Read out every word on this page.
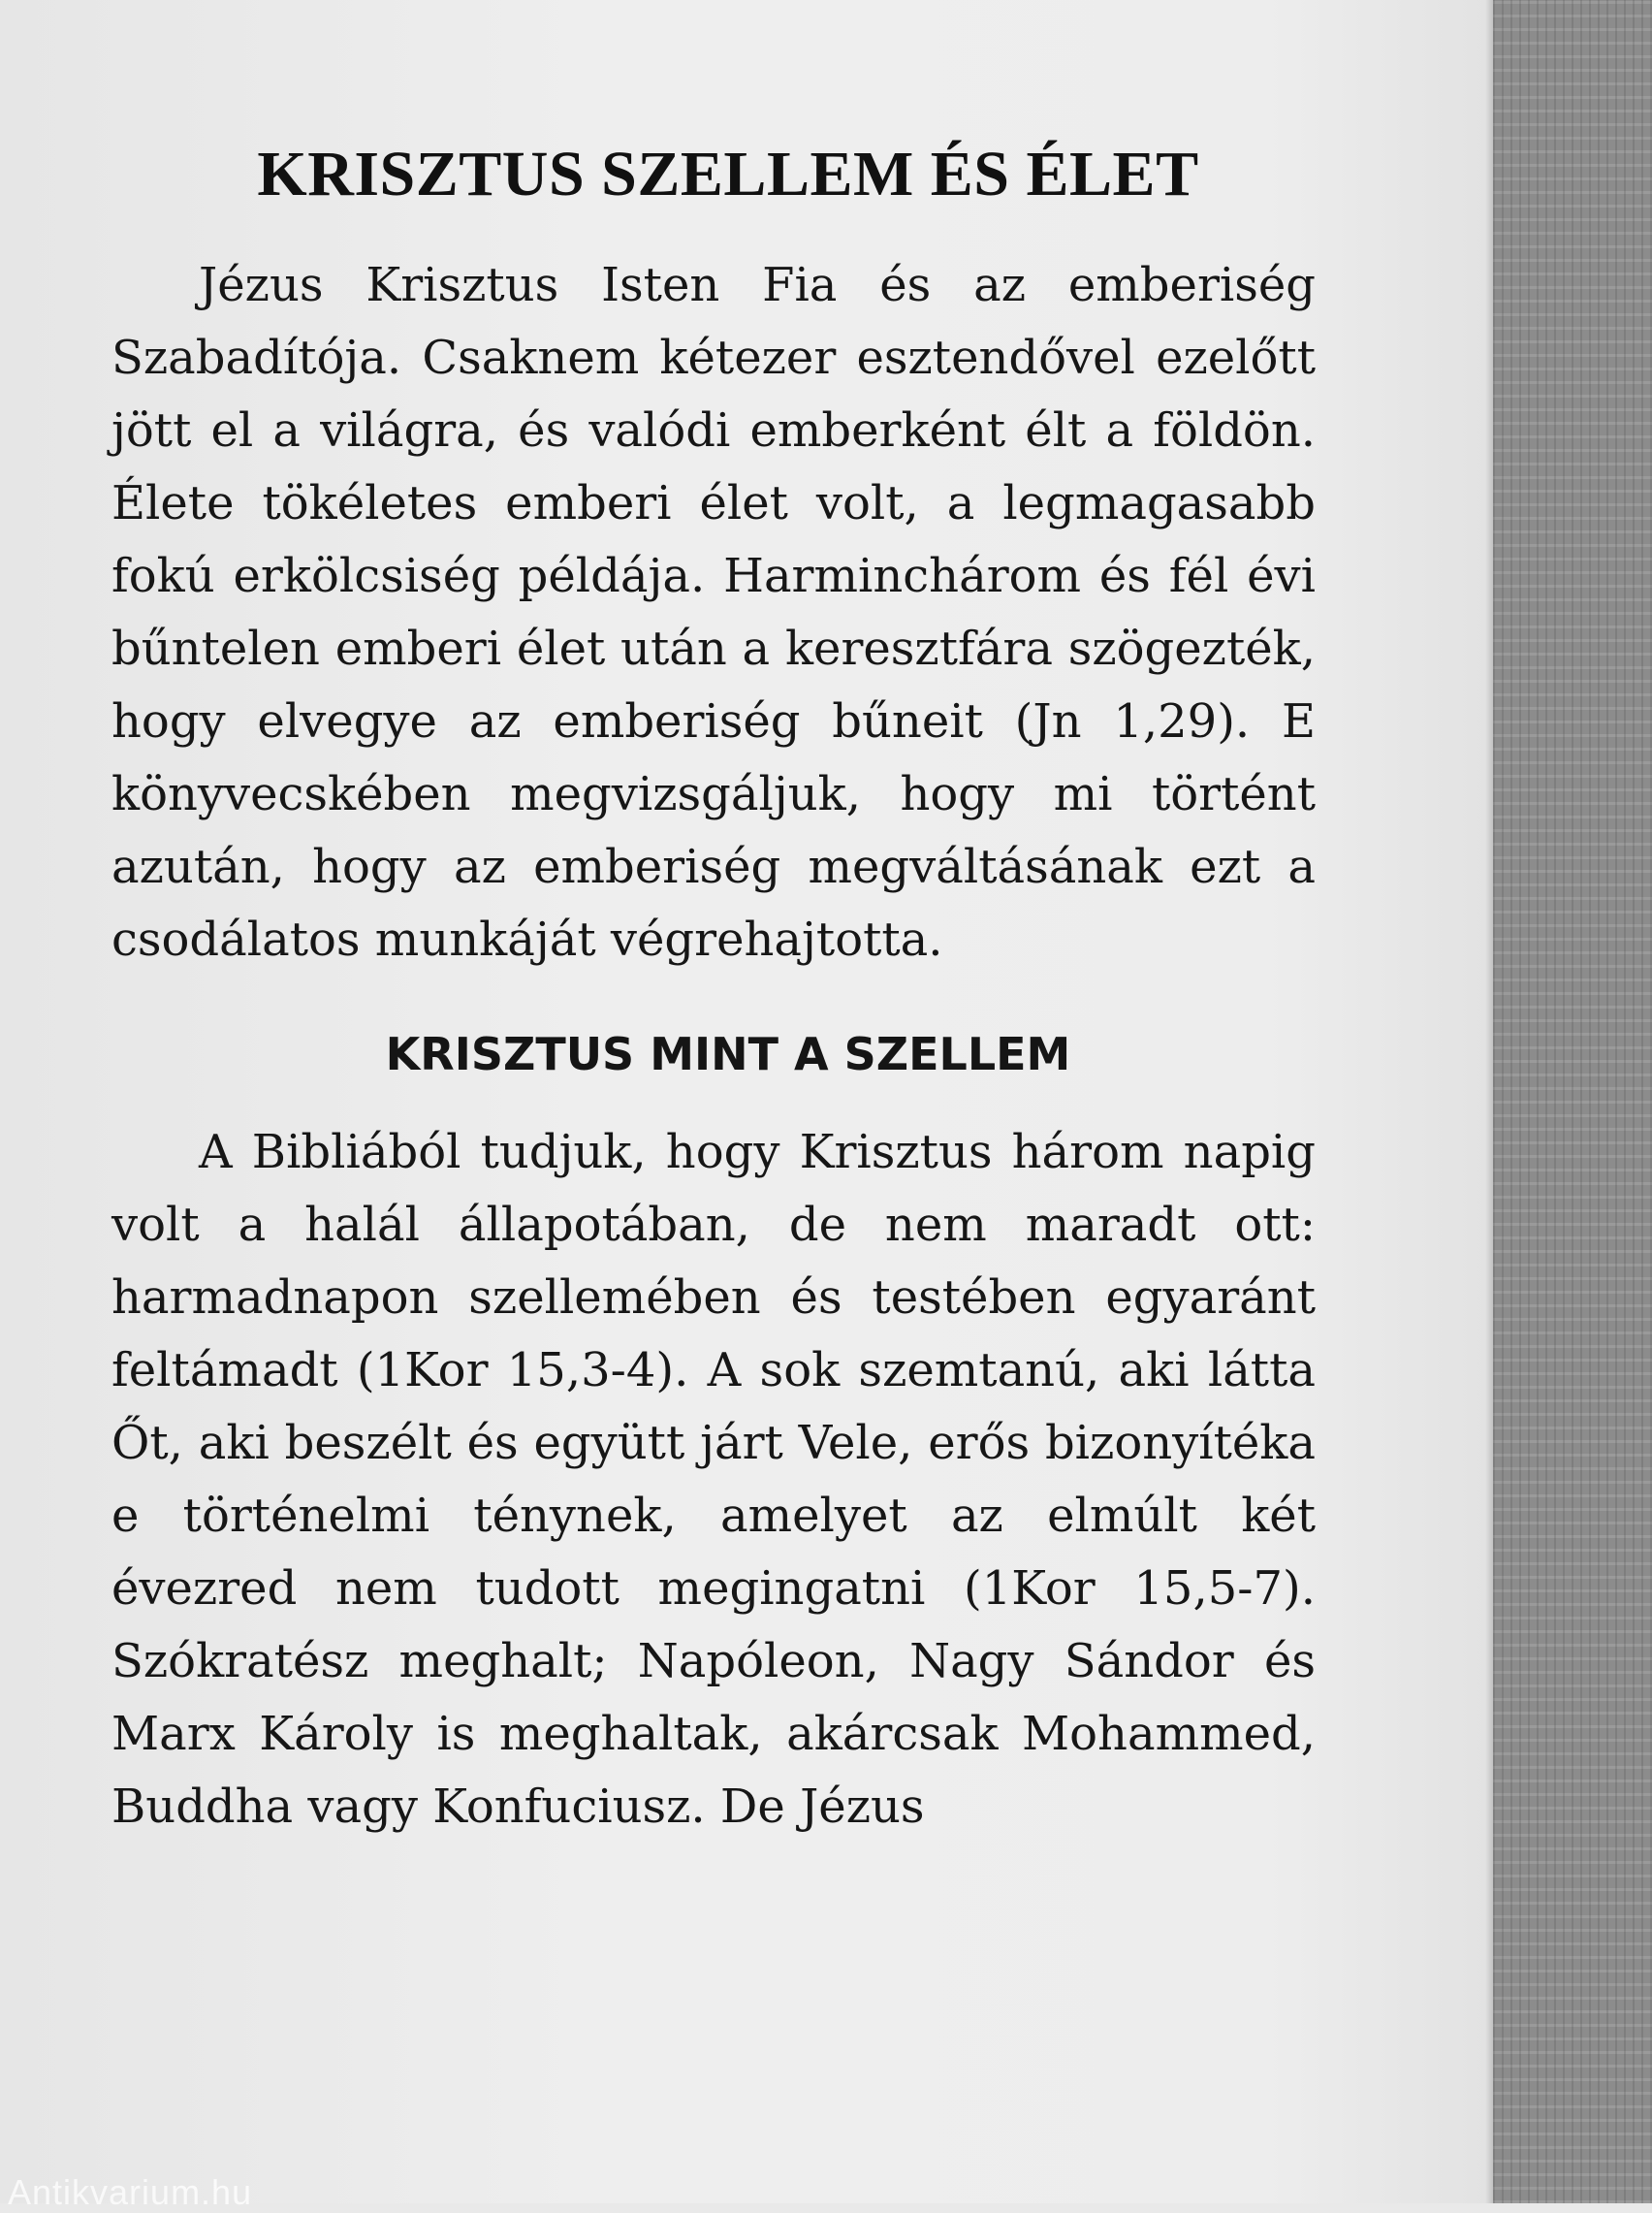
KRISZTUS SZELLEM ÉS ÉLET

Jézus Krisztus Isten Fia és az emberiség Szabadítója. Csaknem kétezer esztendővel ezelőtt jött el a világra, és valódi emberként élt a földön. Élete tökéletes emberi élet volt, a legmagasabb fokú erkölcsiség példája. Harminchárom és fél évi bűntelen emberi élet után a keresztfára szögezték, hogy elvegye az emberiség bűneit (Jn 1,29). E könyvecskében megvizsgáljuk, hogy mi történt azután, hogy az emberiség megváltásának ezt a csodálatos munkáját végrehajtotta.

KRISZTUS MINT A SZELLEM

A Bibliából tudjuk, hogy Krisztus három napig volt a halál állapotában, de nem maradt ott: harmadnapon szellemében és testében egyaránt feltámadt (1Kor 15,3-4). A sok szemtanú, aki látta Őt, aki beszélt és együtt járt Vele, erős bizonyítéka e történelmi ténynek, amelyet az elmúlt két évezred nem tudott megingatni (1Kor 15,5-7). Szókratész meghalt; Napóleon, Nagy Sándor és Marx Károly is meghaltak, akárcsak Mohammed, Buddha vagy Konfuciusz. De Jézus

Antikvarium.hu
